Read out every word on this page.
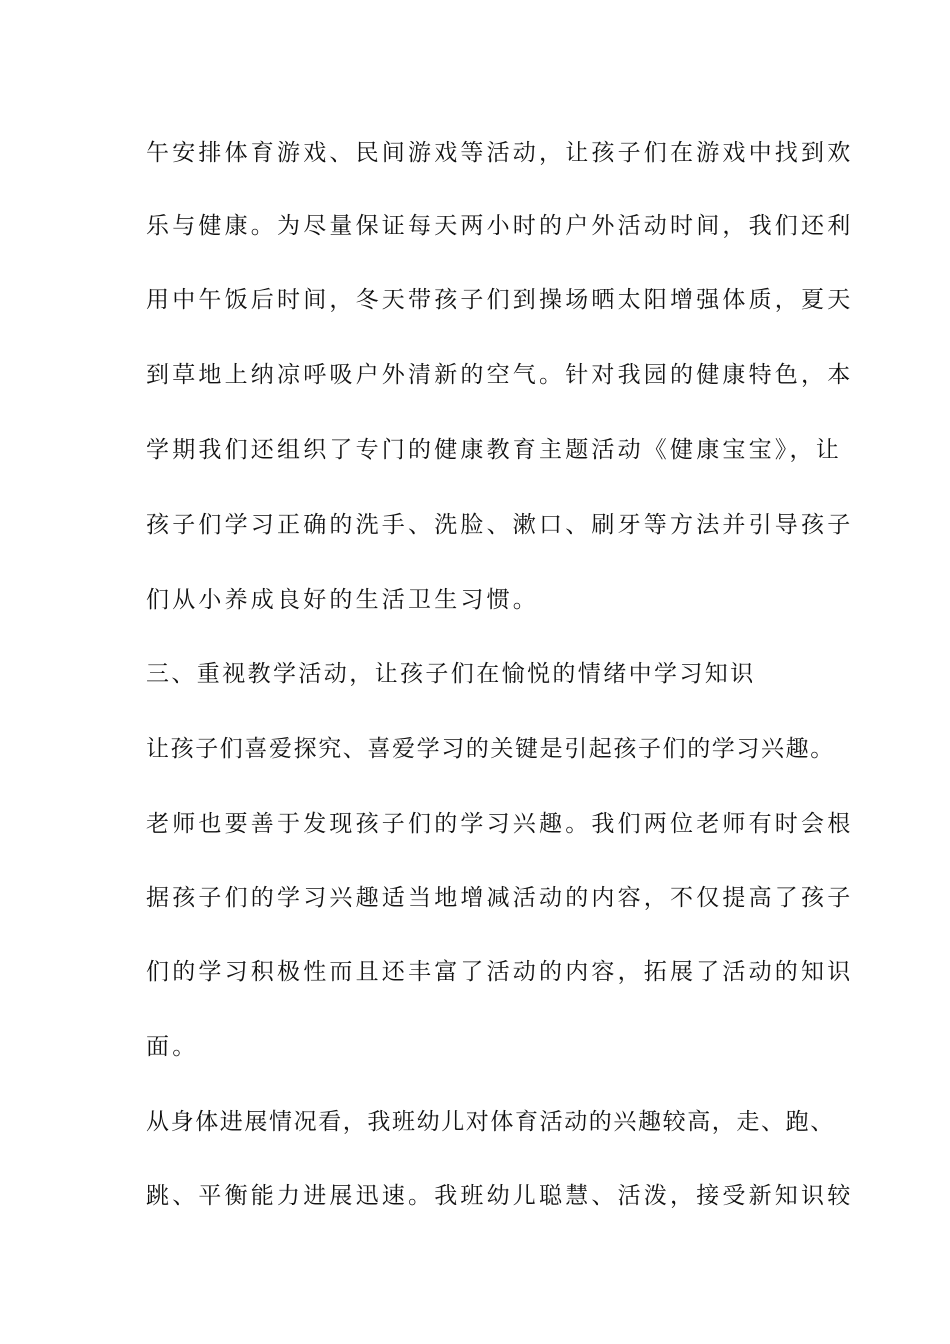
午安排体育游戏、民间游戏等活动，让孩子们在游戏中找到欢
乐与健康。为尽量保证每天两小时的户外活动时间，我们还利
用中午饭后时间，冬天带孩子们到操场晒太阳增强体质，夏天
到草地上纳凉呼吸户外清新的空气。针对我园的健康特色，本
学期我们还组织了专门的健康教育主题活动《健康宝宝》，让
孩子们学习正确的洗手、洗脸、漱口、刷牙等方法并引导孩子
们从小养成良好的生活卫生习惯。
三、重视教学活动，让孩子们在愉悦的情绪中学习知识
让孩子们喜爱探究、喜爱学习的关键是引起孩子们的学习兴趣。
老师也要善于发现孩子们的学习兴趣。我们两位老师有时会根
据孩子们的学习兴趣适当地增减活动的内容，不仅提高了孩子
们的学习积极性而且还丰富了活动的内容，拓展了活动的知识
面。
从身体进展情况看，我班幼儿对体育活动的兴趣较高，走、跑、
跳、平衡能力进展迅速。我班幼儿聪慧、活泼，接受新知识较
